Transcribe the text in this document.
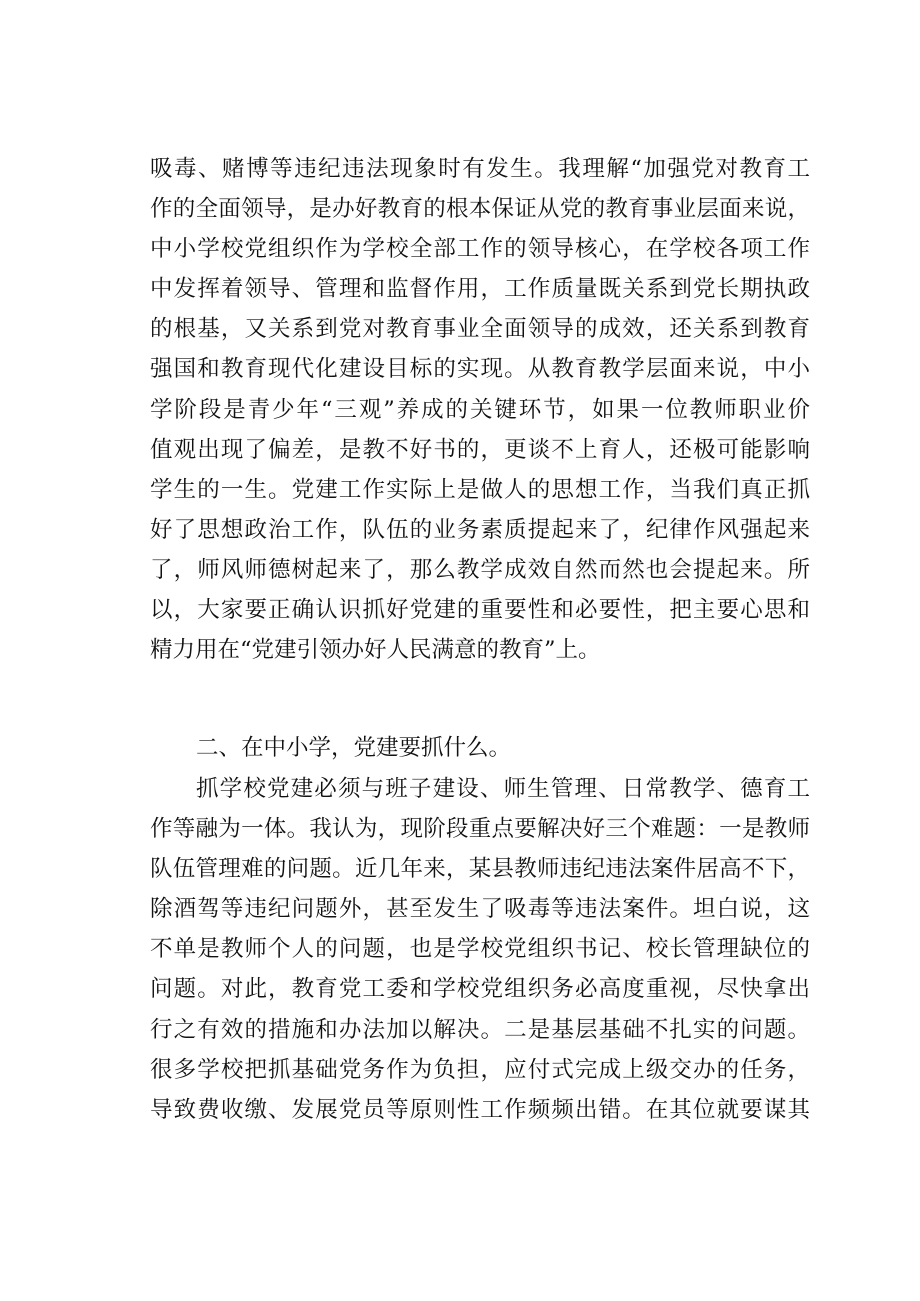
吸毒、赌博等违纪违法现象时有发生。我理解“加强党对教育工
作的全面领导，是办好教育的根本保证从党的教育事业层面来说，
中小学校党组织作为学校全部工作的领导核心，在学校各项工作
中发挥着领导、管理和监督作用，工作质量既关系到党长期执政
的根基，又关系到党对教育事业全面领导的成效，还关系到教育
强国和教育现代化建设目标的实现。从教育教学层面来说，中小
学阶段是青少年“三观”养成的关键环节，如果一位教师职业价
值观出现了偏差，是教不好书的，更谈不上育人，还极可能影响
学生的一生。党建工作实际上是做人的思想工作，当我们真正抓
好了思想政治工作，队伍的业务素质提起来了，纪律作风强起来
了，师风师德树起来了，那么教学成效自然而然也会提起来。所
以，大家要正确认识抓好党建的重要性和必要性，把主要心思和
精力用在“党建引领办好人民满意的教育”上。
二、在中小学，党建要抓什么。
抓学校党建必须与班子建设、师生管理、日常教学、德育工
作等融为一体。我认为，现阶段重点要解决好三个难题：一是教师
队伍管理难的问题。近几年来，某县教师违纪违法案件居高不下，
除酒驾等违纪问题外，甚至发生了吸毒等违法案件。坦白说，这
不单是教师个人的问题，也是学校党组织书记、校长管理缺位的
问题。对此，教育党工委和学校党组织务必高度重视，尽快拿出
行之有效的措施和办法加以解决。二是基层基础不扎实的问题。
很多学校把抓基础党务作为负担，应付式完成上级交办的任务，
导致费收缴、发展党员等原则性工作频频出错。在其位就要谋其
